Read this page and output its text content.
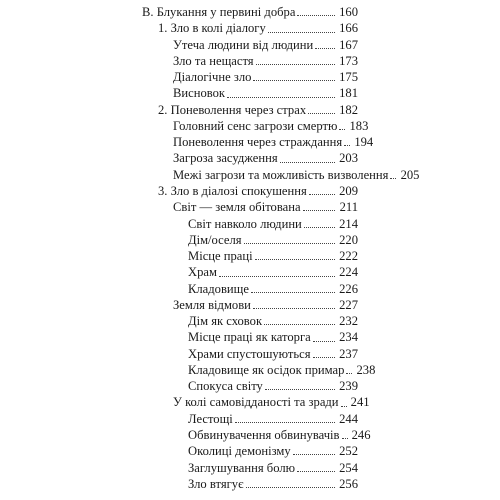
В. Блукання у первині добра	160
1. Зло в колі діалогу	166
Утеча людини від людини	167
Зло та нещастя	173
Діалогічне зло	175
Висновок	181
2. Поневолення через страх	182
Головний сенс загрози смертю 183
Поневолення через страждання 194
Загроза засудження	203
Межі загрози та можливість визволення 205
3. Зло в діалозі спокушення	209
Світ — земля обітована	211
Світ навколо людини	214
Дім/оселя	220
Місце праці	222
Храм	224
Кладовище	226
Земля відмови	227
Дім як сховок	232
Місце праці як каторга	234
Храми спустошуються	237
Кладовище як осідок примар 238
Спокуса світу	239
У колі самовідданості та зради 241
Лестощі	244
Обвинувачення обвинувачів 246
Околиці демонізму	252
Заглушування болю	254
Зло втягує	256
